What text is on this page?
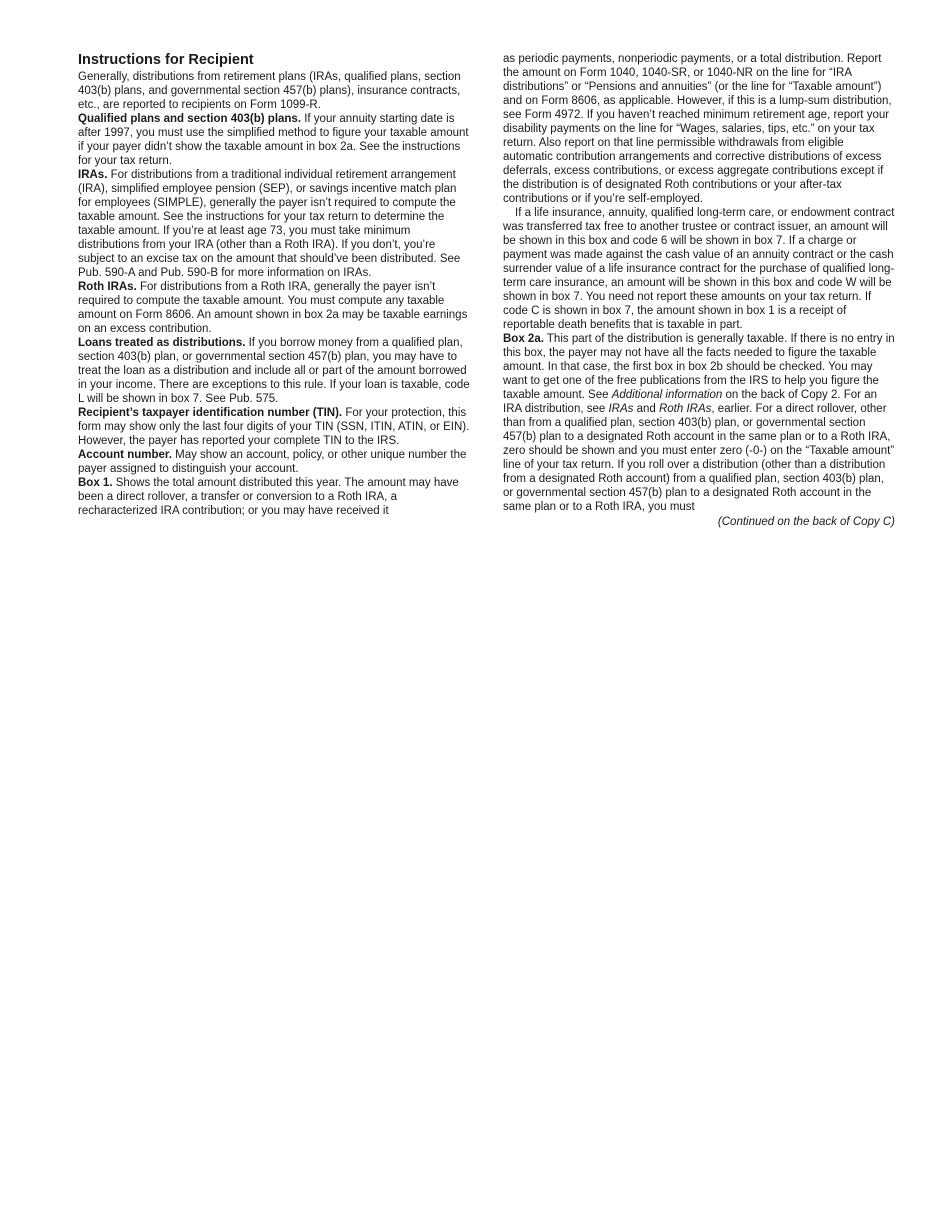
Instructions for Recipient

Generally, distributions from retirement plans (IRAs, qualified plans, section 403(b) plans, and governmental section 457(b) plans), insurance contracts, etc., are reported to recipients on Form 1099-R.

Qualified plans and section 403(b) plans. If your annuity starting date is after 1997, you must use the simplified method to figure your taxable amount if your payer didn’t show the taxable amount in box 2a. See the instructions for your tax return.

IRAs. For distributions from a traditional individual retirement arrangement (IRA), simplified employee pension (SEP), or savings incentive match plan for employees (SIMPLE), generally the payer isn’t required to compute the taxable amount. See the instructions for your tax return to determine the taxable amount. If you’re at least age 73, you must take minimum distributions from your IRA (other than a Roth IRA). If you don’t, you’re subject to an excise tax on the amount that should’ve been distributed. See Pub. 590-A and Pub. 590-B for more information on IRAs.

Roth IRAs. For distributions from a Roth IRA, generally the payer isn’t required to compute the taxable amount. You must compute any taxable amount on Form 8606. An amount shown in box 2a may be taxable earnings on an excess contribution.

Loans treated as distributions. If you borrow money from a qualified plan, section 403(b) plan, or governmental section 457(b) plan, you may have to treat the loan as a distribution and include all or part of the amount borrowed in your income. There are exceptions to this rule. If your loan is taxable, code L will be shown in box 7. See Pub. 575.

Recipient’s taxpayer identification number (TIN). For your protection, this form may show only the last four digits of your TIN (SSN, ITIN, ATIN, or EIN). However, the payer has reported your complete TIN to the IRS.

Account number. May show an account, policy, or other unique number the payer assigned to distinguish your account.

Box 1. Shows the total amount distributed this year. The amount may have been a direct rollover, a transfer or conversion to a Roth IRA, a recharacterized IRA contribution; or you may have received it

as periodic payments, nonperiodic payments, or a total distribution. Report the amount on Form 1040, 1040-SR, or 1040-NR on the line for “IRA distributions” or “Pensions and annuities” (or the line for “Taxable amount”) and on Form 8606, as applicable. However, if this is a lump-sum distribution, see Form 4972. If you haven’t reached minimum retirement age, report your disability payments on the line for “Wages, salaries, tips, etc.” on your tax return. Also report on that line permissible withdrawals from eligible automatic contribution arrangements and corrective distributions of excess deferrals, excess contributions, or excess aggregate contributions except if the distribution is of designated Roth contributions or your after-tax contributions or if you’re self-employed.

If a life insurance, annuity, qualified long-term care, or endowment contract was transferred tax free to another trustee or contract issuer, an amount will be shown in this box and code 6 will be shown in box 7. If a charge or payment was made against the cash value of an annuity contract or the cash surrender value of a life insurance contract for the purchase of qualified long-term care insurance, an amount will be shown in this box and code W will be shown in box 7. You need not report these amounts on your tax return. If code C is shown in box 7, the amount shown in box 1 is a receipt of reportable death benefits that is taxable in part.

Box 2a. This part of the distribution is generally taxable. If there is no entry in this box, the payer may not have all the facts needed to figure the taxable amount. In that case, the first box in box 2b should be checked. You may want to get one of the free publications from the IRS to help you figure the taxable amount. See Additional information on the back of Copy 2. For an IRA distribution, see IRAs and Roth IRAs, earlier. For a direct rollover, other than from a qualified plan, section 403(b) plan, or governmental section 457(b) plan to a designated Roth account in the same plan or to a Roth IRA, zero should be shown and you must enter zero (-0-) on the “Taxable amount” line of your tax return. If you roll over a distribution (other than a distribution from a designated Roth account) from a qualified plan, section 403(b) plan, or governmental section 457(b) plan to a designated Roth account in the same plan or to a Roth IRA, you must

(Continued on the back of Copy C)
